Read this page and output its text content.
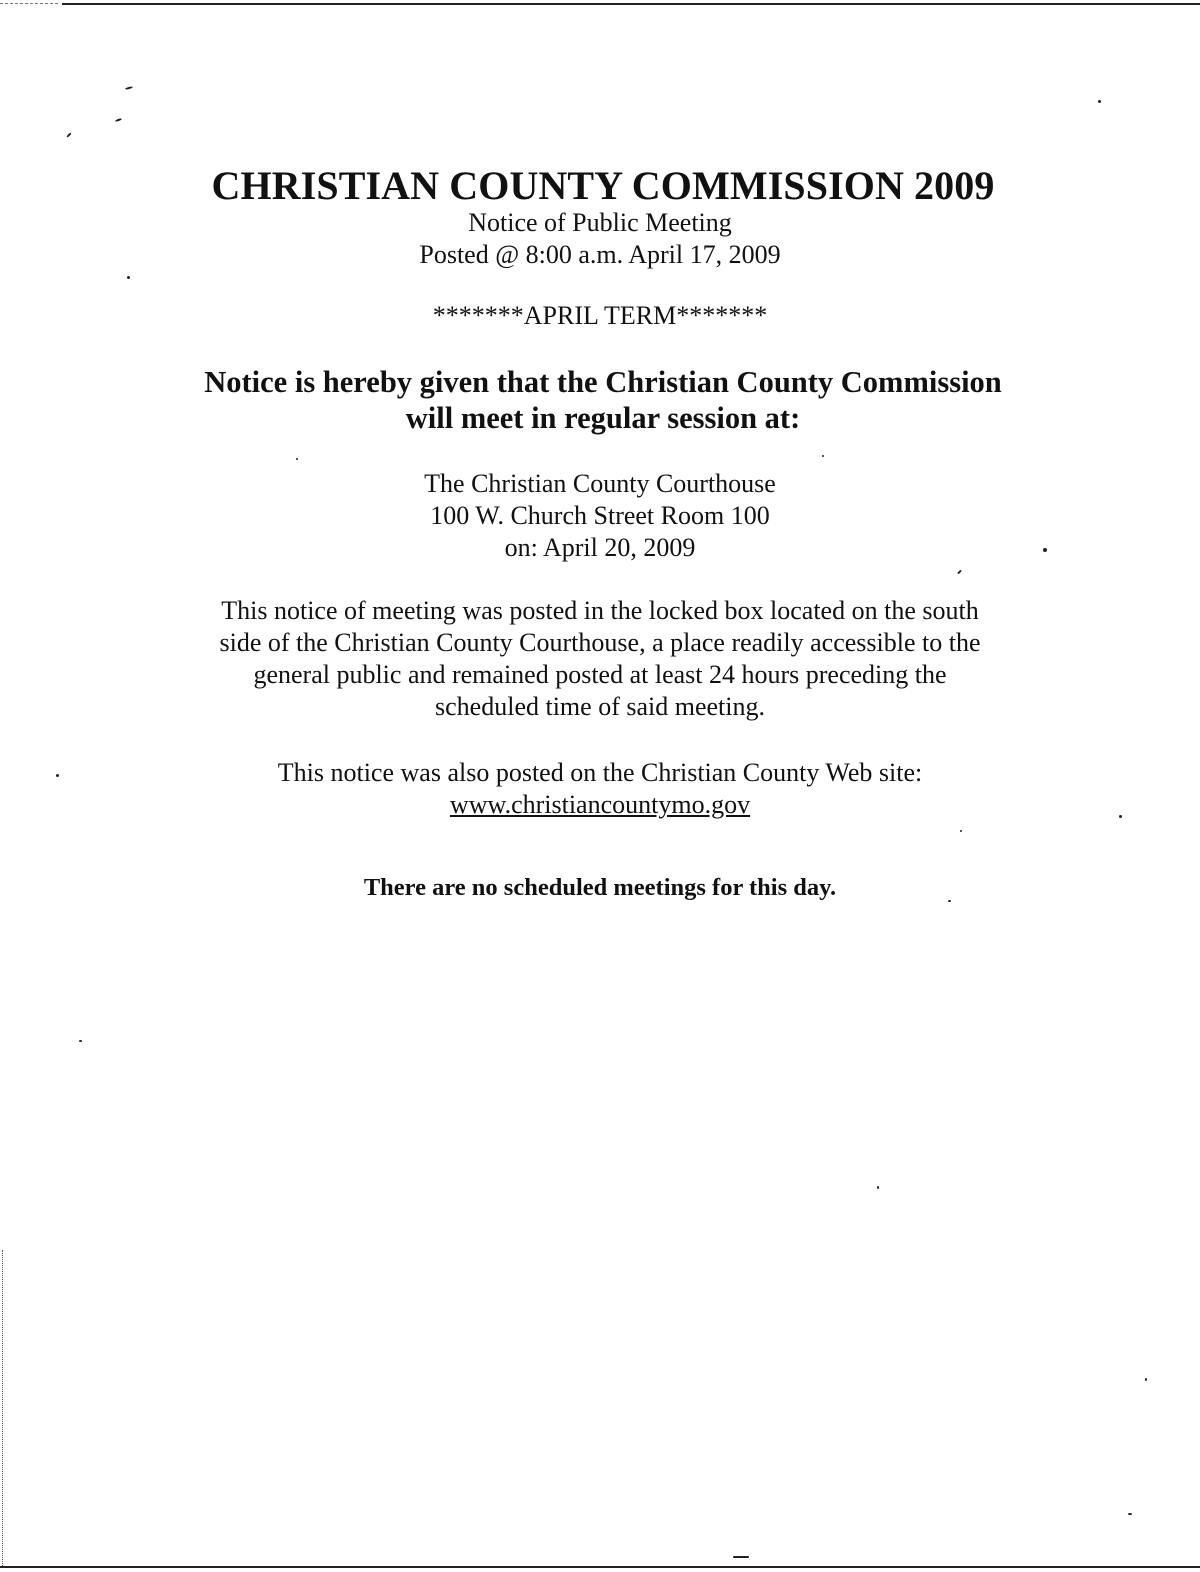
CHRISTIAN COUNTY COMMISSION 2009
Notice of Public Meeting
Posted @ 8:00 a.m. April 17, 2009
*******APRIL TERM*******
Notice is hereby given that the Christian County Commission
will meet in regular session at:
The Christian County Courthouse
100 W. Church Street Room 100
on: April 20, 2009
This notice of meeting was posted in the locked box located on the south
side of the Christian County Courthouse, a place readily accessible to the
general public and remained posted at least 24 hours preceding the
scheduled time of said meeting.
This notice was also posted on the Christian County Web site:
www.christiancountymo.gov
There are no scheduled meetings for this day.
